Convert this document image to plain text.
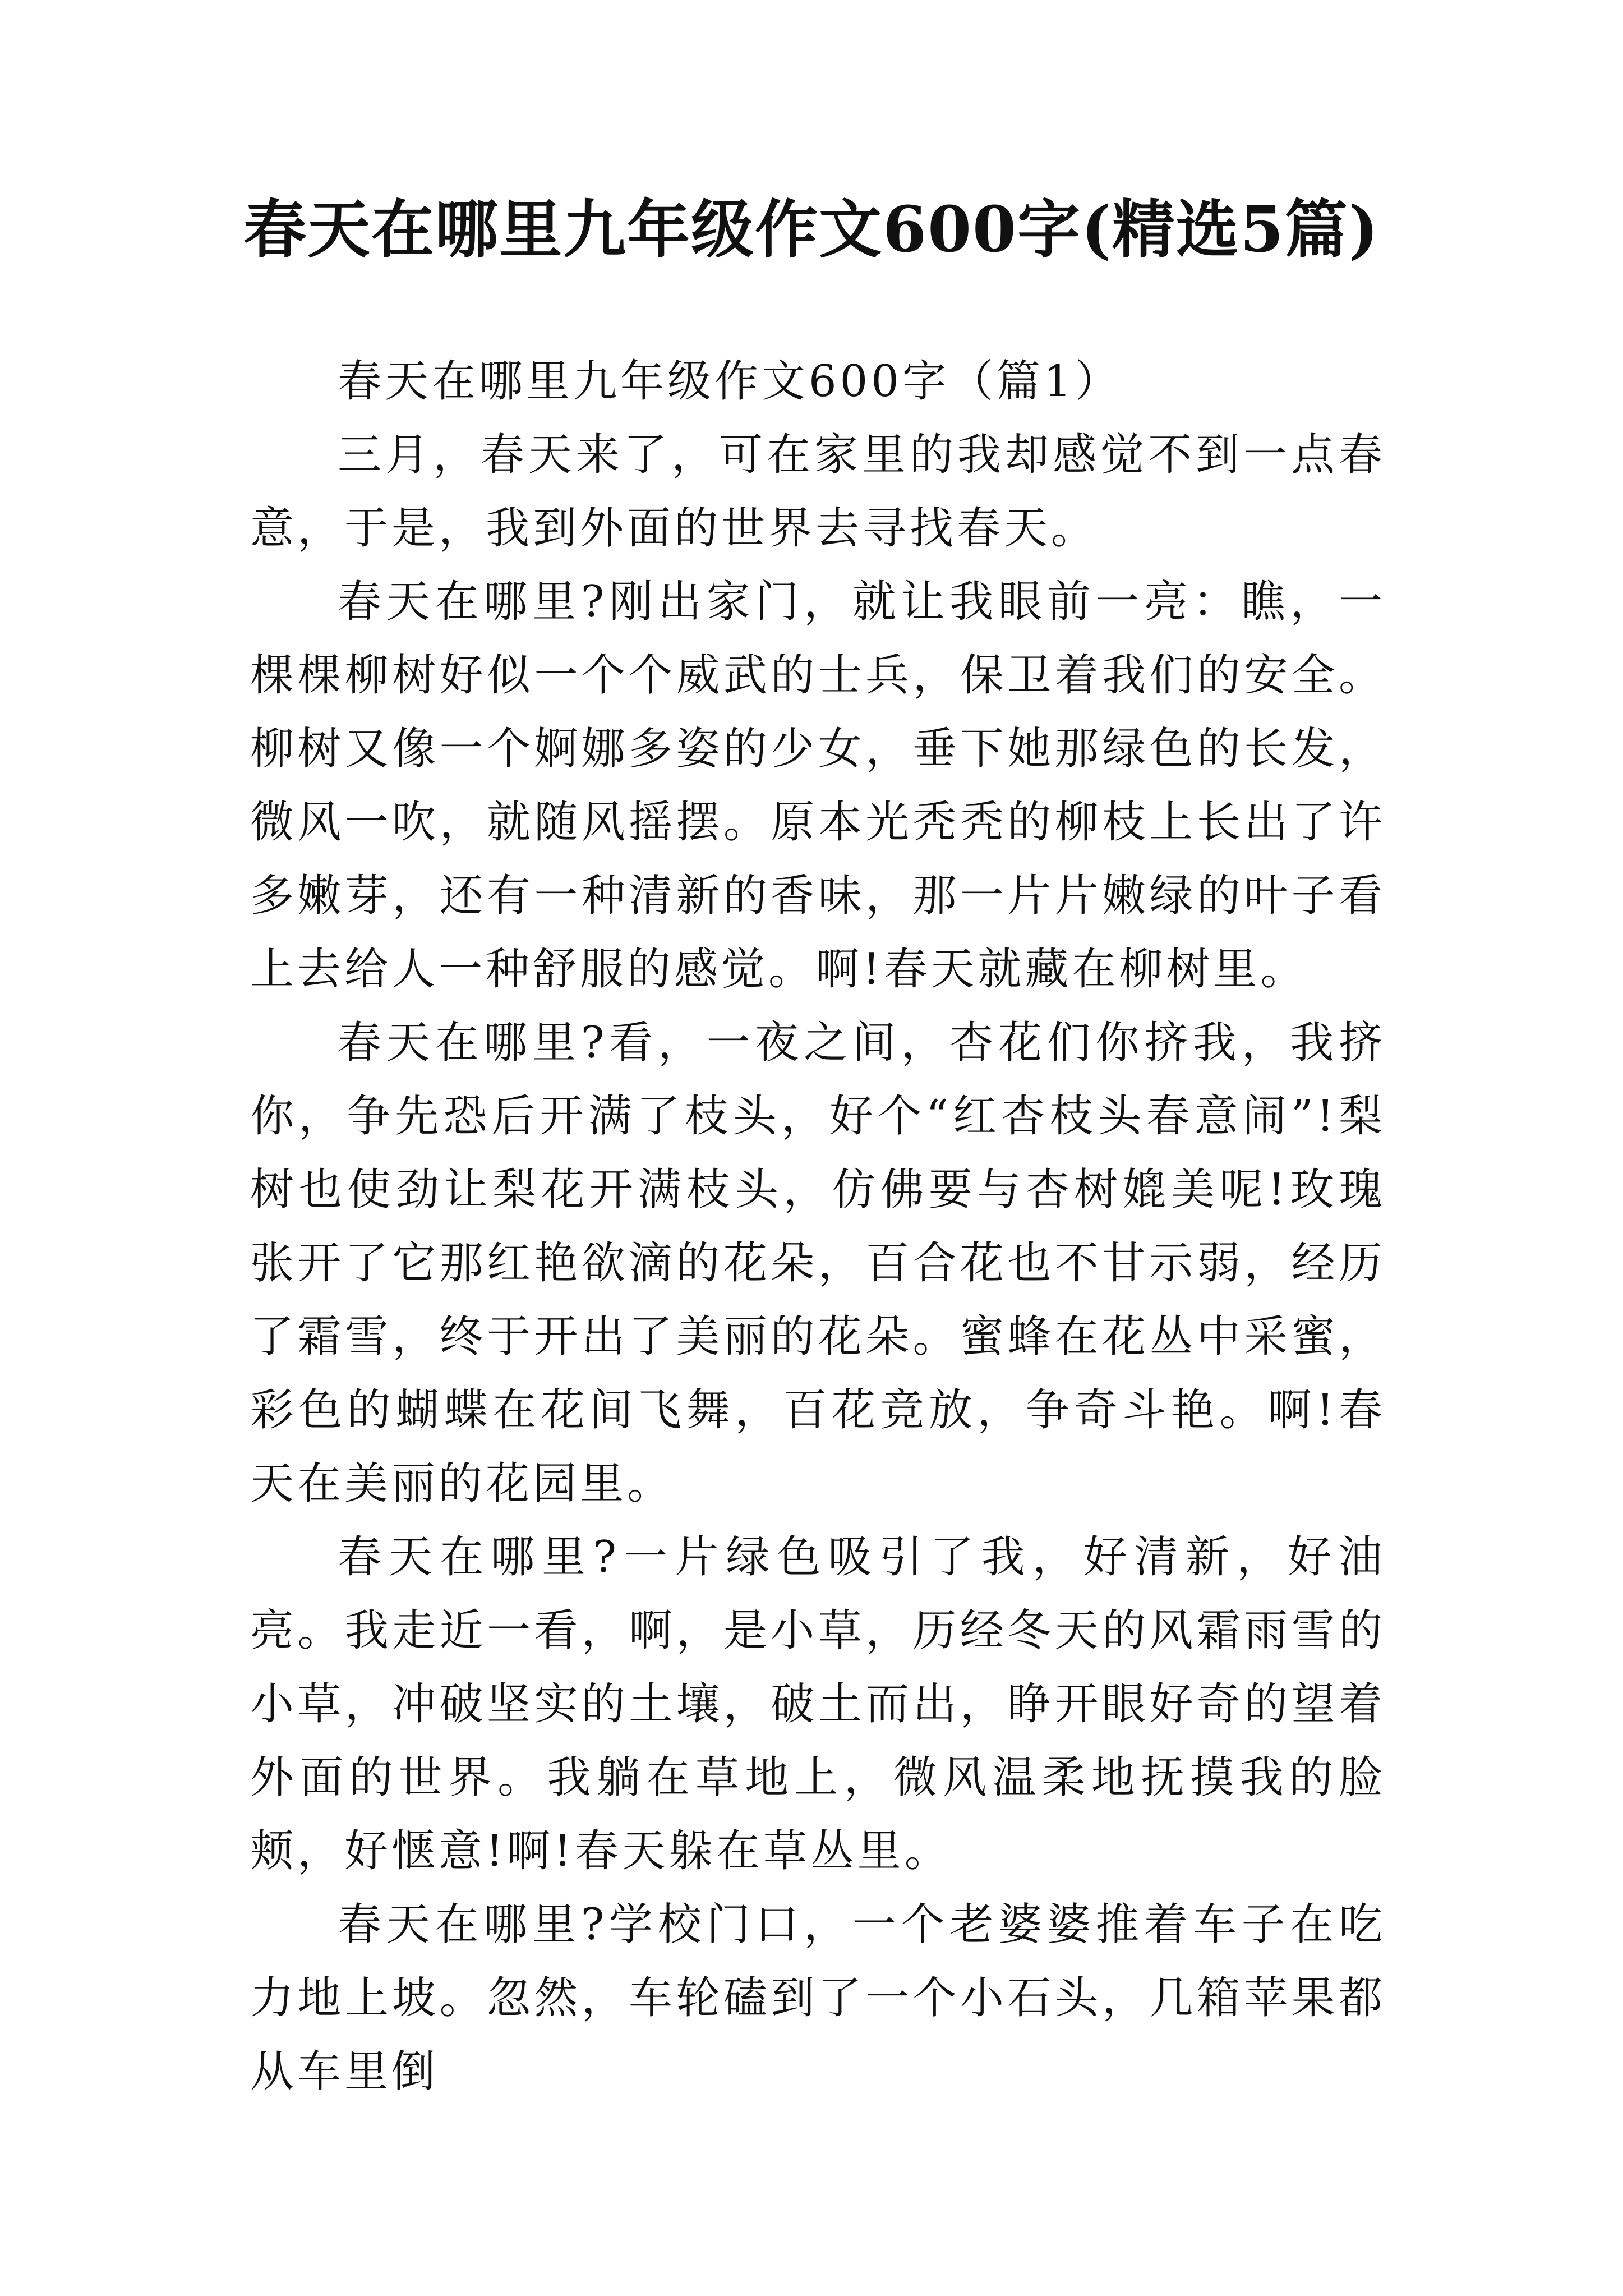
春天在哪里九年级作文600字(精选5篇)

春天在哪里九年级作文600字（篇1）

三月，春天来了，可在家里的我却感觉不到一点春意，于是，我到外面的世界去寻找春天。

春天在哪里?刚出家门，就让我眼前一亮：瞧，一棵棵柳树好似一个个威武的士兵，保卫着我们的安全。柳树又像一个婀娜多姿的少女，垂下她那绿色的长发，微风一吹，就随风摇摆。原本光秃秃的柳枝上长出了许多嫩芽，还有一种清新的香味，那一片片嫩绿的叶子看上去给人一种舒服的感觉。啊!春天就藏在柳树里。

春天在哪里?看，一夜之间，杏花们你挤我，我挤你，争先恐后开满了枝头，好个“红杏枝头春意闹”!梨树也使劲让梨花开满枝头，仿佛要与杏树媲美呢!玫瑰张开了它那红艳欲滴的花朵，百合花也不甘示弱，经历了霜雪，终于开出了美丽的花朵。蜜蜂在花丛中采蜜，彩色的蝴蝶在花间飞舞，百花竞放，争奇斗艳。啊!春天在美丽的花园里。

春天在哪里?一片绿色吸引了我，好清新，好油亮。我走近一看，啊，是小草，历经冬天的风霜雨雪的小草，冲破坚实的土壤，破土而出，睁开眼好奇的望着外面的世界。我躺在草地上，微风温柔地抚摸我的脸颊，好惬意!啊!春天躲在草丛里。

春天在哪里?学校门口，一个老婆婆推着车子在吃力地上坡。忽然，车轮磕到了一个小石头，几箱苹果都从车里倒
